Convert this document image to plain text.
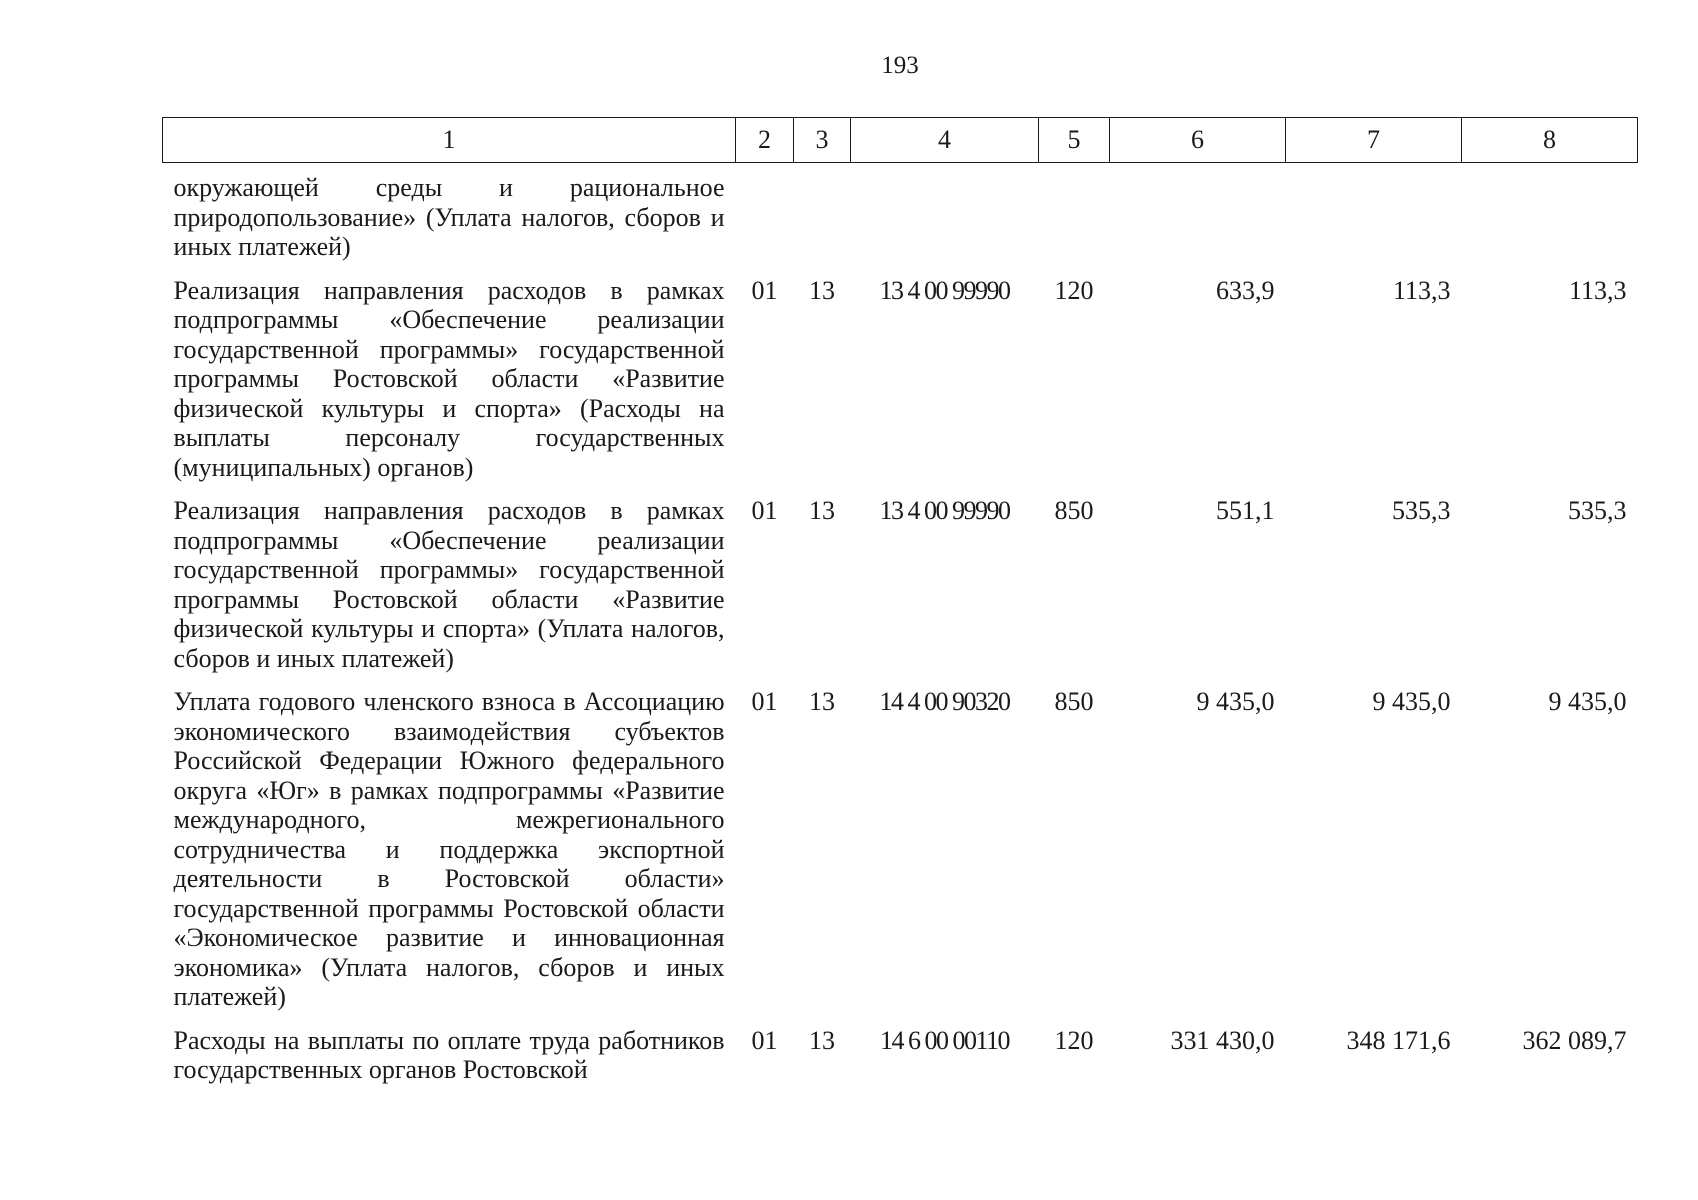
193
1	2	3	4	5	6	7	8
окружающей среды и рациональное природопользование» (Уплата налогов, сборов и иных платежей)							
Реализация направления расходов в рамках подпрограммы «Обеспечение реализации государственной программы» государственной программы Ростовской области «Развитие физической культуры и спорта» (Расходы на выплаты персоналу государственных (муниципальных) органов)	01	13	13 4 00 99990	120	633,9	113,3	113,3
Реализация направления расходов в рамках подпрограммы «Обеспечение реализации государственной программы» государственной программы Ростовской области «Развитие физической культуры и спорта» (Уплата налогов, сборов и иных платежей)	01	13	13 4 00 99990	850	551,1	535,3	535,3
Уплата годового членского взноса в Ассоциацию экономического взаимодействия субъектов Российской Федерации Южного федерального округа «Юг» в рамках подпрограммы «Развитие международного, межрегионального сотрудничества и поддержка экспортной деятельности в Ростовской области» государственной программы Ростовской области «Экономическое развитие и инновационная экономика» (Уплата налогов, сборов и иных платежей)	01	13	14 4 00 90320	850	9 435,0	9 435,0	9 435,0
Расходы на выплаты по оплате труда работников государственных органов Ростовской	01	13	14 6 00 00110	120	331 430,0	348 171,6	362 089,7
